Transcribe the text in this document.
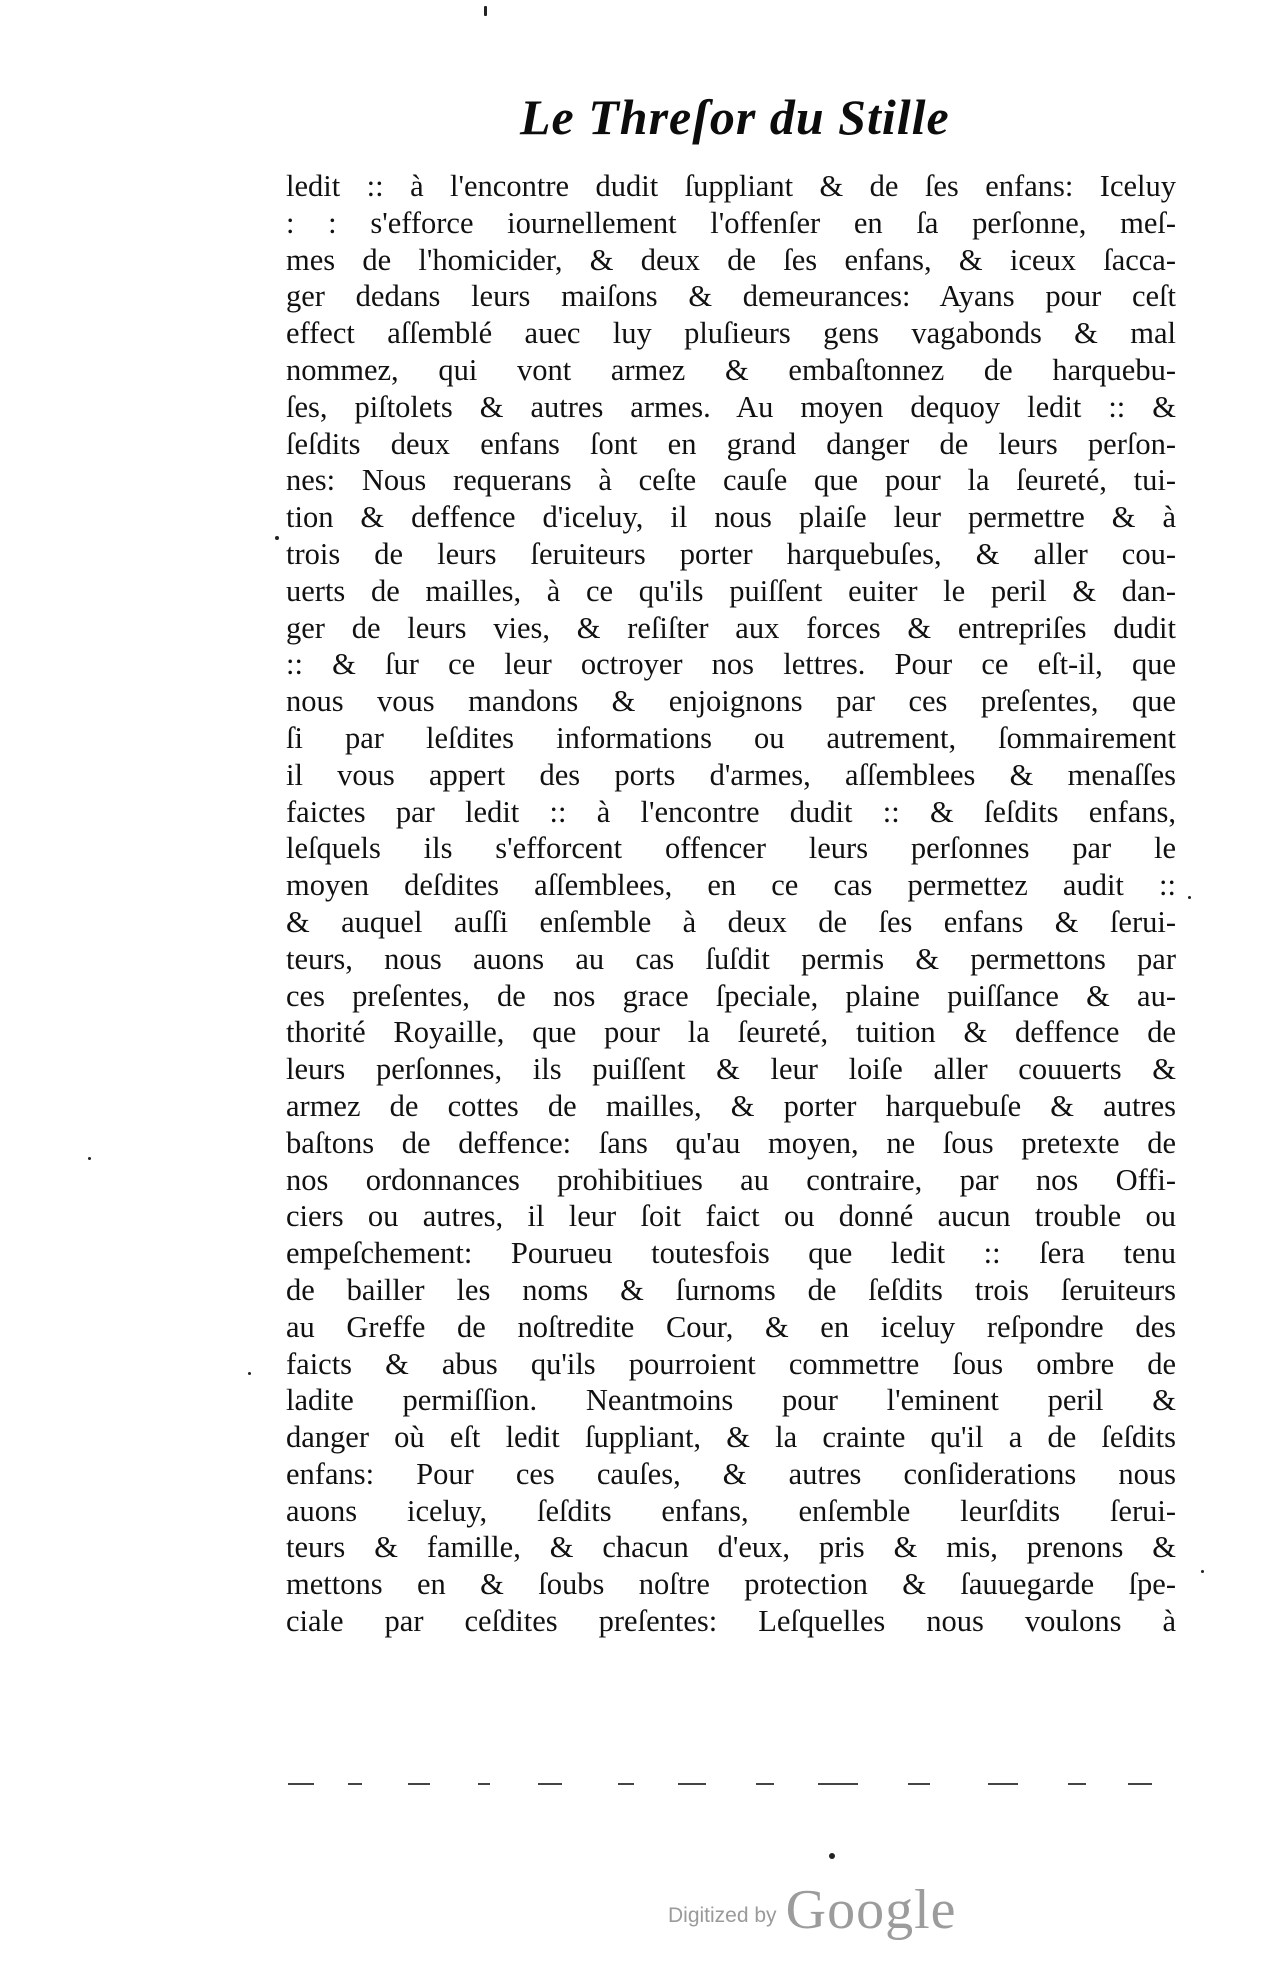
Le Threſor du Stille
ledit :: à l'encontre dudit ſuppliant & de ſes enfans: Iceluy
: : s'efforce iournellement l'offenſer en ſa perſonne, meſ-
mes de l'homicider, & deux de ſes enfans, & iceux ſacca-
ger dedans leurs maiſons & demeurances: Ayans pour ceſt
effect aſſemblé auec luy pluſieurs gens vagabonds & mal
nommez, qui vont armez & embaſtonnez de harquebu-
ſes, piſtolets & autres armes. Au moyen dequoy ledit :: &
ſeſdits deux enfans ſont en grand danger de leurs perſon-
nes: Nous requerans à ceſte cauſe que pour la ſeureté, tui-
tion & deffence d'iceluy, il nous plaiſe leur permettre & à
trois de leurs ſeruiteurs porter harquebuſes, & aller cou-
uerts de mailles, à ce qu'ils puiſſent euiter le peril & dan-
ger de leurs vies, & reſiſter aux forces & entrepriſes dudit
:: & ſur ce leur octroyer nos lettres. Pour ce eſt-il, que
nous vous mandons & enjoignons par ces preſentes, que
ſi par leſdites informations ou autrement, ſommairement
il vous appert des ports d'armes, aſſemblees & menaſſes
faictes par ledit :: à l'encontre dudit :: & ſeſdits enfans,
leſquels ils s'efforcent offencer leurs perſonnes par le
moyen deſdites aſſemblees, en ce cas permettez audit ::
& auquel auſſi enſemble à deux de ſes enfans & ſerui-
teurs, nous auons au cas ſuſdit permis & permettons par
ces preſentes, de nos grace ſpeciale, plaine puiſſance & au-
thorité Royaille, que pour la ſeureté, tuition & deffence de
leurs perſonnes, ils puiſſent & leur loiſe aller couuerts &
armez de cottes de mailles, & porter harquebuſe & autres
baſtons de deffence: ſans qu'au moyen, ne ſous pretexte de
nos ordonnances prohibitiues au contraire, par nos Offi-
ciers ou autres, il leur ſoit faict ou donné aucun trouble ou
empeſchement: Pourueu toutesfois que ledit :: ſera tenu
de bailler les noms & ſurnoms de ſeſdits trois ſeruiteurs
au Greffe de noſtredite Cour, & en iceluy reſpondre des
faicts & abus qu'ils pourroient commettre ſous ombre de
ladite permiſſion. Neantmoins pour l'eminent peril &
danger où eſt ledit ſuppliant, & la crainte qu'il a de ſeſdits
enfans: Pour ces cauſes, & autres conſiderations nous
auons iceluy, ſeſdits enfans, enſemble leurſdits ſerui-
teurs & famille, & chacun d'eux, pris & mis, prenons &
mettons en & ſoubs noſtre protection & ſauuegarde ſpe-
ciale par ceſdites preſentes: Leſquelles nous voulons à
Digitized by Google
